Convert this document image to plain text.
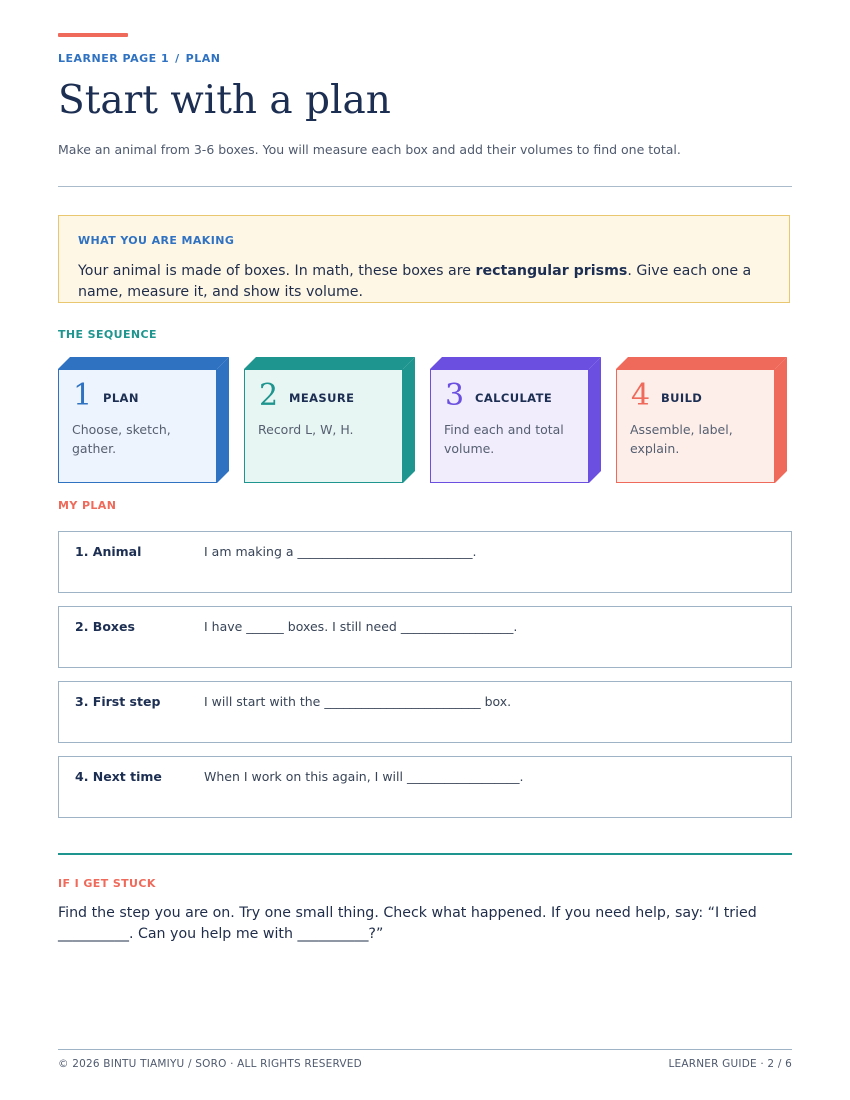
LEARNER PAGE 1 / PLAN
Start with a plan
Make an animal from 3-6 boxes. You will measure each box and add their volumes to find one total.
WHAT YOU ARE MAKING
Your animal is made of boxes. In math, these boxes are rectangular prisms. Give each one a name, measure it, and show its volume.
THE SEQUENCE
1 PLAN
Choose, sketch, gather.
2 MEASURE
Record L, W, H.
3 CALCULATE
Find each and total volume.
4 BUILD
Assemble, label, explain.
MY PLAN
1. Animal	I am making a ____________________________.
2. Boxes	I have ______ boxes. I still need __________________.
3. First step	I will start with the _________________________ box.
4. Next time	When I work on this again, I will __________________.
IF I GET STUCK
Find the step you are on. Try one small thing. Check what happened. If you need help, say: “I tried __________. Can you help me with __________?”
© 2026 BINTU TIAMIYU / SORO · ALL RIGHTS RESERVED	LEARNER GUIDE · 2 / 6
